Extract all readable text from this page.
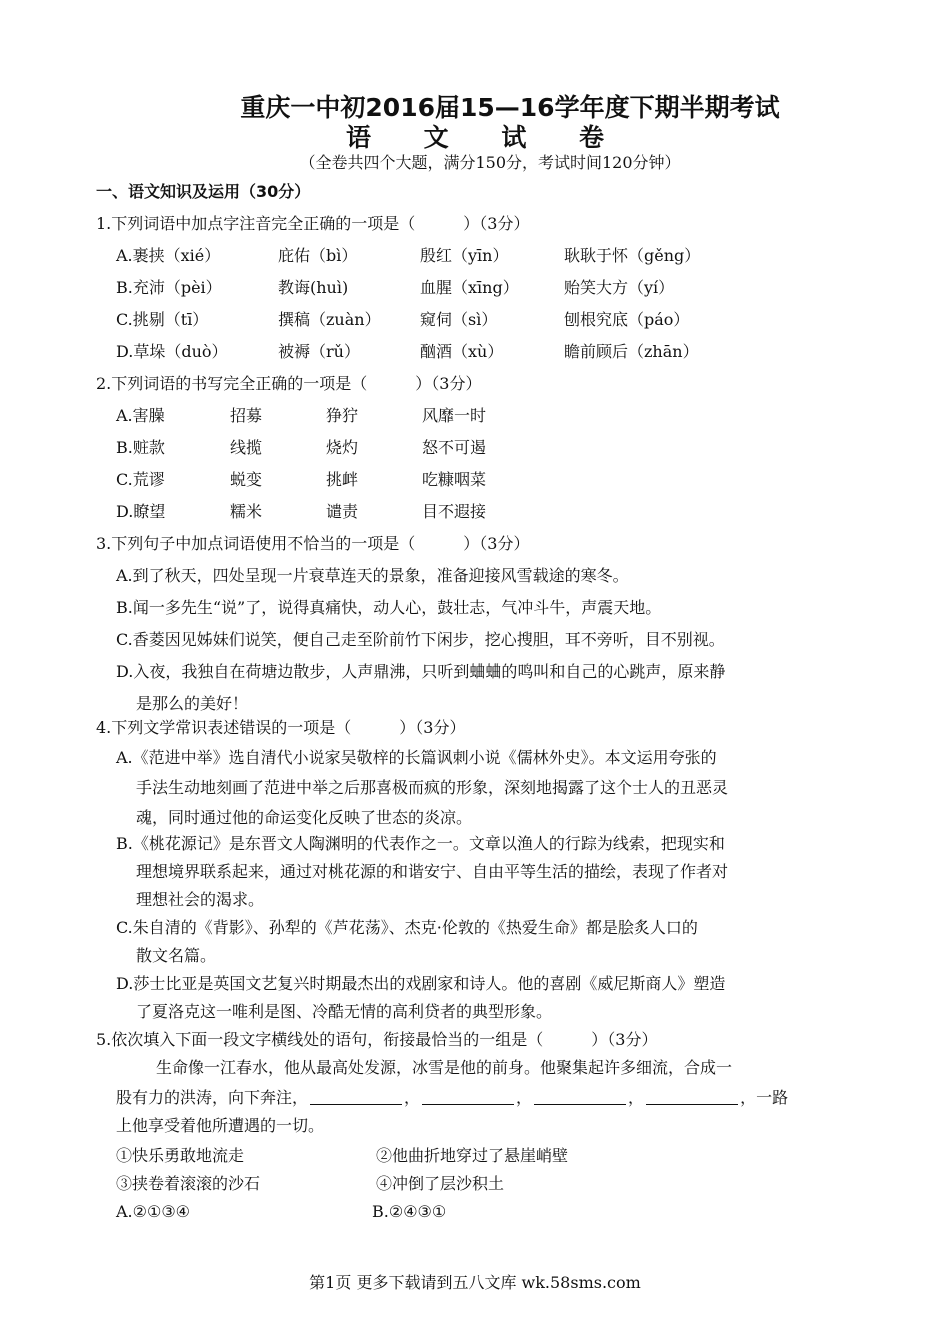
重庆一中初2016届15—16学年度下期半期考试
语 文 试 卷
（全卷共四个大题，满分150分，考试时间120分钟）
一、语文知识及运用（30分）
1.下列词语中加点字注音完全正确的一项是（　　　）（3分）
A.裹挟（xié）	庇佑（bì）	殷红（yīn）	耿耿于怀（gěng）
B.充沛（pèi）	教诲(huì)	血腥（xīng）	贻笑大方（yí）
C.挑剔（tī）	撰稿（zuàn） 窥伺（sì）	刨根究底（páo）
D.草垛（duò）	被褥（rǔ）	酗酒（xù）	瞻前顾后（zhān）
2.下列词语的书写完全正确的一项是（　　　）（3分）
A.害臊	招募	狰狞	风靡一时
B.赃款	线揽	烧灼	怒不可遏
C.荒谬	蜕变	挑衅	吃糠咽菜
D.瞭望	糯米	谴责	目不遐接
3.下列句子中加点词语使用不恰当的一项是（　　　）（3分）
A.到了秋天，四处呈现一片衰草连天的景象，准备迎接风雪载途的寒冬。
B.闻一多先生“说”了，说得真痛快，动人心，鼓壮志，气冲斗牛，声震天地。
C.香菱因见姊妹们说笑，便自己走至阶前竹下闲步，挖心搜胆，耳不旁听，目不别视。
D.入夜，我独自在荷塘边散步，人声鼎沸，只听到蛐蛐的鸣叫和自己的心跳声，原来静
是那么的美好！
4.下列文学常识表述错误的一项是（　　　）（3分）
A.《范进中举》选自清代小说家吴敬梓的长篇讽刺小说《儒林外史》。本文运用夸张的
手法生动地刻画了范进中举之后那喜极而疯的形象，深刻地揭露了这个士人的丑恶灵
魂，同时通过他的命运变化反映了世态的炎凉。
B.《桃花源记》是东晋文人陶渊明的代表作之一。文章以渔人的行踪为线索，把现实和
理想境界联系起来，通过对桃花源的和谐安宁、自由平等生活的描绘，表现了作者对
理想社会的渴求。
C.朱自清的《背影》、孙犁的《芦花荡》、杰克·伦敦的《热爱生命》都是脍炙人口的
散文名篇。
D.莎士比亚是英国文艺复兴时期最杰出的戏剧家和诗人。他的喜剧《威尼斯商人》塑造
了夏洛克这一唯利是图、冷酷无情的高利贷者的典型形象。
5.依次填入下面一段文字横线处的语句，衔接最恰当的一组是（　　　）（3分）
生命像一江春水，他从最高处发源，冰雪是他的前身。他聚集起许多细流，合成一
股有力的洪涛，向下奔注，	，	，	，	，一路
上他享受着他所遭遇的一切。
①快乐勇敢地流走	②他曲折地穿过了悬崖峭壁
③挟卷着滚滚的沙石	④冲倒了层沙积土
A.②①③④	B.②④③①
第1页 更多下载请到五八文库 wk.58sms.com
